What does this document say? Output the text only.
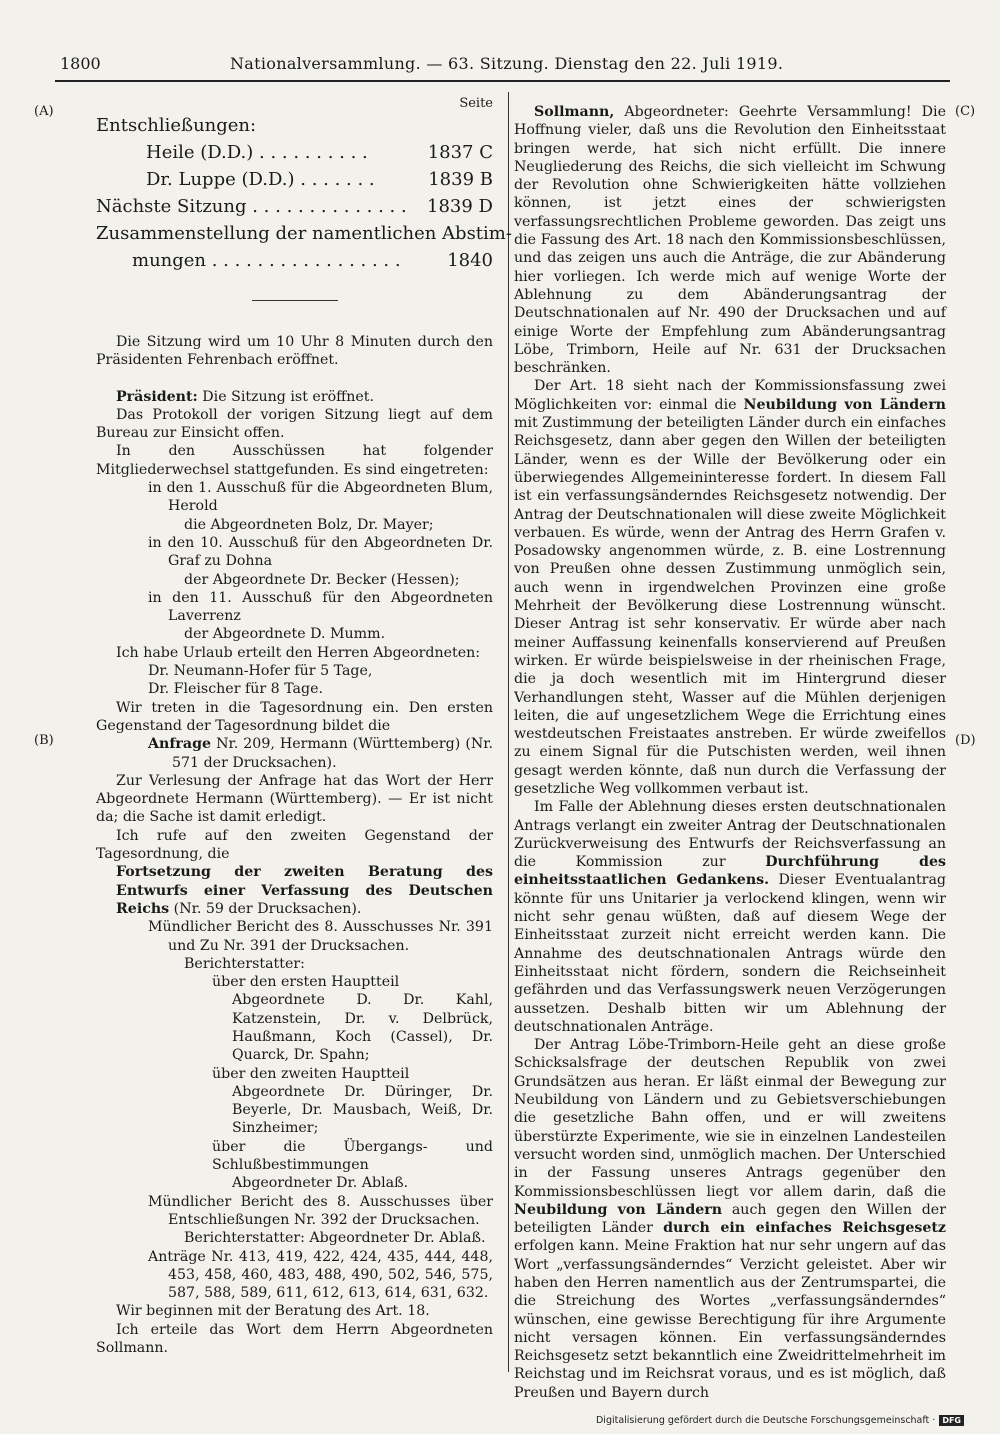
1800	Nationalversammlung. — 63. Sitzung. Dienstag den 22. Juli 1919.
(A)
(B)
(C)
(D)
Seite
Entschließungen:
Heile (D.D.) . . . . . . . . . .	1837 C
Dr. Luppe (D.D.) . . . . . . .	1839 B
Nächste Sitzung . . . . . . . . . . . . . . 1839 D
Zusammenstellung der namentlichen Abstim-
mungen . . . . . . . . . . . . . . . . .	1840

Die Sitzung wird um 10 Uhr 8 Minuten durch den Präsidenten Fehrenbach eröffnet.

Präsident: Die Sitzung ist eröffnet.

Das Protokoll der vorigen Sitzung liegt auf dem Bureau zur Einsicht offen.

In den Ausschüssen hat folgender Mitgliederwechsel stattgefunden. Es sind eingetreten:

in den 1. Ausschuß für die Abgeordneten Blum, Herold

die Abgeordneten Bolz, Dr. Mayer;

in den 10. Ausschuß für den Abgeordneten Dr. Graf zu Dohna

der Abgeordnete Dr. Becker (Hessen);

in den 11. Ausschuß für den Abgeordneten Laverrenz

der Abgeordnete D. Mumm.

Ich habe Urlaub erteilt den Herren Abgeordneten:

Dr. Neumann-Hofer für 5 Tage,

Dr. Fleischer für 8 Tage.

Wir treten in die Tagesordnung ein. Den ersten Gegenstand der Tagesordnung bildet die

Anfrage Nr. 209, Hermann (Württemberg) (Nr. 571 der Drucksachen).

Zur Verlesung der Anfrage hat das Wort der Herr Abgeordnete Hermann (Württemberg). — Er ist nicht da; die Sache ist damit erledigt.

Ich rufe auf den zweiten Gegenstand der Tagesordnung, die

Fortsetzung der zweiten Beratung des Entwurfs einer Verfassung des Deutschen Reichs (Nr. 59 der Drucksachen).

Mündlicher Bericht des 8. Ausschusses Nr. 391 und Zu Nr. 391 der Drucksachen.

Berichterstatter:

über den ersten Hauptteil

Abgeordnete D. Dr. Kahl, Katzenstein, Dr. v. Delbrück, Haußmann, Koch (Cassel), Dr. Quarck, Dr. Spahn;

über den zweiten Hauptteil

Abgeordnete Dr. Düringer, Dr. Beyerle, Dr. Mausbach, Weiß, Dr. Sinzheimer;

über die Übergangs- und Schlußbestimmungen

Abgeordneter Dr. Ablaß.

Mündlicher Bericht des 8. Ausschusses über Entschließungen Nr. 392 der Drucksachen.

Berichterstatter: Abgeordneter Dr. Ablaß.

Anträge Nr. 413, 419, 422, 424, 435, 444, 448, 453, 458, 460, 483, 488, 490, 502, 546, 575, 587, 588, 589, 611, 612, 613, 614, 631, 632.

Wir beginnen mit der Beratung des Art. 18.

Ich erteile das Wort dem Herrn Abgeordneten Sollmann.

Sollmann, Abgeordneter: Geehrte Versammlung! Die Hoffnung vieler, daß uns die Revolution den Einheitsstaat bringen werde, hat sich nicht erfüllt. Die innere Neugliederung des Reichs, die sich vielleicht im Schwung der Revolution ohne Schwierigkeiten hätte vollziehen können, ist jetzt eines der schwierigsten verfassungsrechtlichen Probleme geworden. Das zeigt uns die Fassung des Art. 18 nach den Kommissionsbeschlüssen, und das zeigen uns auch die Anträge, die zur Abänderung hier vorliegen. Ich werde mich auf wenige Worte der Ablehnung zu dem Abänderungsantrag der Deutschnationalen auf Nr. 490 der Drucksachen und auf einige Worte der Empfehlung zum Abänderungsantrag Löbe, Trimborn, Heile auf Nr. 631 der Drucksachen beschränken.

Der Art. 18 sieht nach der Kommissionsfassung zwei Möglichkeiten vor: einmal die Neubildung von Ländern mit Zustimmung der beteiligten Länder durch ein einfaches Reichsgesetz, dann aber gegen den Willen der beteiligten Länder, wenn es der Wille der Bevölkerung oder ein überwiegendes Allgemeininteresse fordert. In diesem Fall ist ein verfassungsänderndes Reichsgesetz notwendig. Der Antrag der Deutschnationalen will diese zweite Möglichkeit verbauen. Es würde, wenn der Antrag des Herrn Grafen v. Posadowsky angenommen würde, z. B. eine Lostrennung von Preußen ohne dessen Zustimmung unmöglich sein, auch wenn in irgendwelchen Provinzen eine große Mehrheit der Bevölkerung diese Lostrennung wünscht. Dieser Antrag ist sehr konservativ. Er würde aber nach meiner Auffassung keinenfalls konservierend auf Preußen wirken. Er würde beispielsweise in der rheinischen Frage, die ja doch wesentlich mit im Hintergrund dieser Verhandlungen steht, Wasser auf die Mühlen derjenigen leiten, die auf ungesetzlichem Wege die Errichtung eines westdeutschen Freistaates anstreben. Er würde zweifellos zu einem Signal für die Putschisten werden, weil ihnen gesagt werden könnte, daß nun durch die Verfassung der gesetzliche Weg vollkommen verbaut ist.

Im Falle der Ablehnung dieses ersten deutschnationalen Antrags verlangt ein zweiter Antrag der Deutschnationalen Zurückverweisung des Entwurfs der Reichsverfassung an die Kommission zur Durchführung des einheitsstaatlichen Gedankens. Dieser Eventualantrag könnte für uns Unitarier ja verlockend klingen, wenn wir nicht sehr genau wüßten, daß auf diesem Wege der Einheitsstaat zurzeit nicht erreicht werden kann. Die Annahme des deutschnationalen Antrags würde den Einheitsstaat nicht fördern, sondern die Reichseinheit gefährden und das Verfassungswerk neuen Verzögerungen aussetzen. Deshalb bitten wir um Ablehnung der deutschnationalen Anträge.

Der Antrag Löbe-Trimborn-Heile geht an diese große Schicksalsfrage der deutschen Republik von zwei Grundsätzen aus heran. Er läßt einmal der Bewegung zur Neubildung von Ländern und zu Gebietsverschiebungen die gesetzliche Bahn offen, und er will zweitens überstürzte Experimente, wie sie in einzelnen Landesteilen versucht worden sind, unmöglich machen. Der Unterschied in der Fassung unseres Antrags gegenüber den Kommissionsbeschlüssen liegt vor allem darin, daß die Neubildung von Ländern auch gegen den Willen der beteiligten Länder durch ein einfaches Reichsgesetz erfolgen kann. Meine Fraktion hat nur sehr ungern auf das Wort „verfassungsänderndes“ Verzicht geleistet. Aber wir haben den Herren namentlich aus der Zentrumspartei, die die Streichung des Wortes „verfassungsänderndes“ wünschen, eine gewisse Berechtigung für ihre Argumente nicht versagen können. Ein verfassungsänderndes Reichsgesetz setzt bekanntlich eine Zweidrittelmehrheit im Reichstag und im Reichsrat voraus, und es ist möglich, daß Preußen und Bayern durch

Digitalisierung gefördert durch die Deutsche Forschungsgemeinschaft · DFG
